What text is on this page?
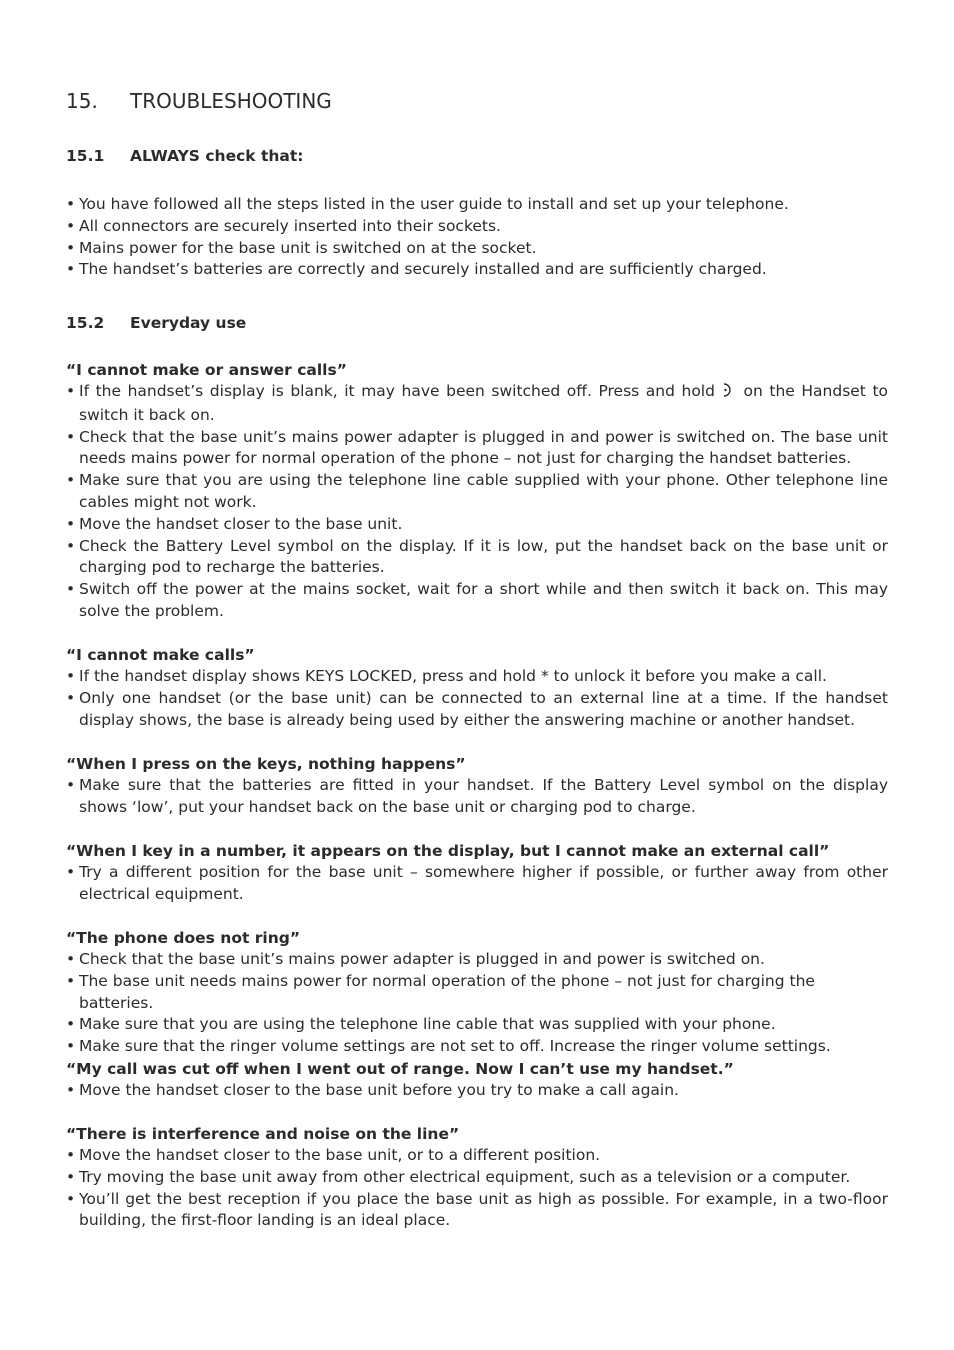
15. TROUBLESHOOTING
15.1 ALWAYS check that:
• You have followed all the steps listed in the user guide to install and set up your telephone.
• All connectors are securely inserted into their sockets.
• Mains power for the base unit is switched on at the socket.
• The handset’s batteries are correctly and securely installed and are sufficiently charged.
15.2 Everyday use

“I cannot make or answer calls”

• If the handset’s display is blank, it may have been switched off. Press and hold on the Handset to switch it back on.
• Check that the base unit’s mains power adapter is plugged in and power is switched on. The base unit needs mains power for normal operation of the phone – not just for charging the handset batteries.
• Make sure that you are using the telephone line cable supplied with your phone. Other telephone line cables might not work.
• Move the handset closer to the base unit.
• Check the Battery Level symbol on the display. If it is low, put the handset back on the base unit or charging pod to recharge the batteries.
• Switch off the power at the mains socket, wait for a short while and then switch it back on. This may solve the problem.

“I cannot make calls”

• If the handset display shows KEYS LOCKED, press and hold * to unlock it before you make a call.
• Only one handset (or the base unit) can be connected to an external line at a time. If the handset display shows, the base is already being used by either the answering machine or another handset.

“When I press on the keys, nothing happens”

• Make sure that the batteries are fitted in your handset. If the Battery Level symbol on the display shows ‘low’, put your handset back on the base unit or charging pod to charge.

“When I key in a number, it appears on the display, but I cannot make an external call”

• Try a different position for the base unit – somewhere higher if possible, or further away from other electrical equipment.

“The phone does not ring”

• Check that the base unit’s mains power adapter is plugged in and power is switched on.
• The base unit needs mains power for normal operation of the phone – not just for charging the batteries.
• Make sure that you are using the telephone line cable that was supplied with your phone.
• Make sure that the ringer volume settings are not set to off. Increase the ringer volume settings.

“My call was cut off when I went out of range. Now I can’t use my handset.”

• Move the handset closer to the base unit before you try to make a call again.

“There is interference and noise on the line”

• Move the handset closer to the base unit, or to a different position.
• Try moving the base unit away from other electrical equipment, such as a television or a computer.
• You’ll get the best reception if you place the base unit as high as possible. For example, in a two-floor building, the first-floor landing is an ideal place.
